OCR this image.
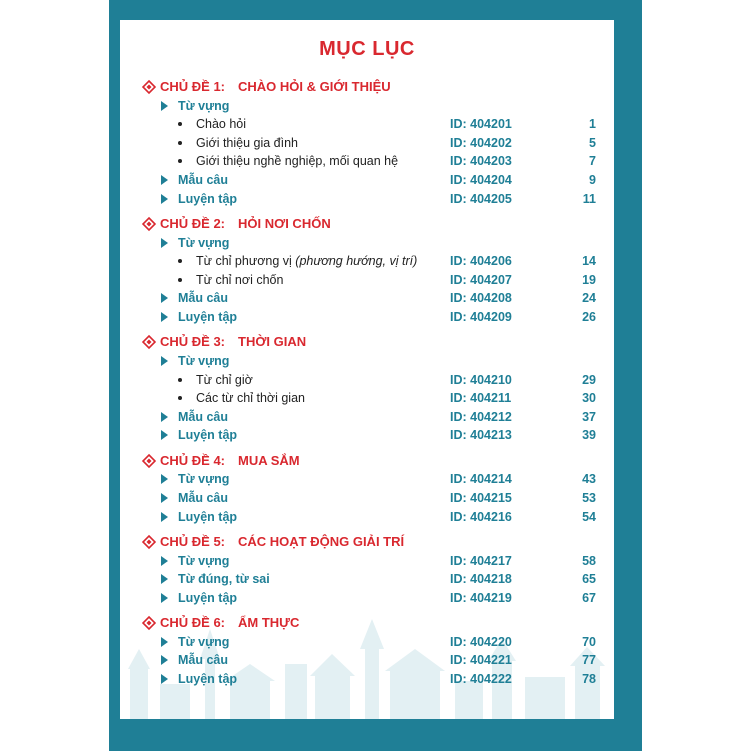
MỤC LỤC
CHỦ ĐỀ 1: CHÀO HỎI & GIỚI THIỆU
Từ vựng
Chào hỏi	ID: 404201	1
Giới thiệu gia đình	ID: 404202	5
Giới thiệu nghề nghiệp, mối quan hệ	ID: 404203	7
Mẫu câu	ID: 404204	9
Luyện tập	ID: 404205	11
CHỦ ĐỀ 2: HỎI NƠI CHỐN
Từ vựng
Từ chỉ phương vị (phương hướng, vị trí)	ID: 404206	14
Từ chỉ nơi chốn	ID: 404207	19
Mẫu câu	ID: 404208	24
Luyện tập	ID: 404209	26
CHỦ ĐỀ 3: THỜI GIAN
Từ vựng
Từ chỉ giờ	ID: 404210	29
Các từ chỉ thời gian	ID: 404211	30
Mẫu câu	ID: 404212	37
Luyện tập	ID: 404213	39
CHỦ ĐỀ 4: MUA SẮM
Từ vựng	ID: 404214	43
Mẫu câu	ID: 404215	53
Luyện tập	ID: 404216	54
CHỦ ĐỀ 5: CÁC HOẠT ĐỘNG GIẢI TRÍ
Từ vựng	ID: 404217	58
Từ đúng, từ sai	ID: 404218	65
Luyện tập	ID: 404219	67
CHỦ ĐỀ 6: ẨM THỰC
Từ vựng	ID: 404220	70
Mẫu câu	ID: 404221	77
Luyện tập	ID: 404222	78
